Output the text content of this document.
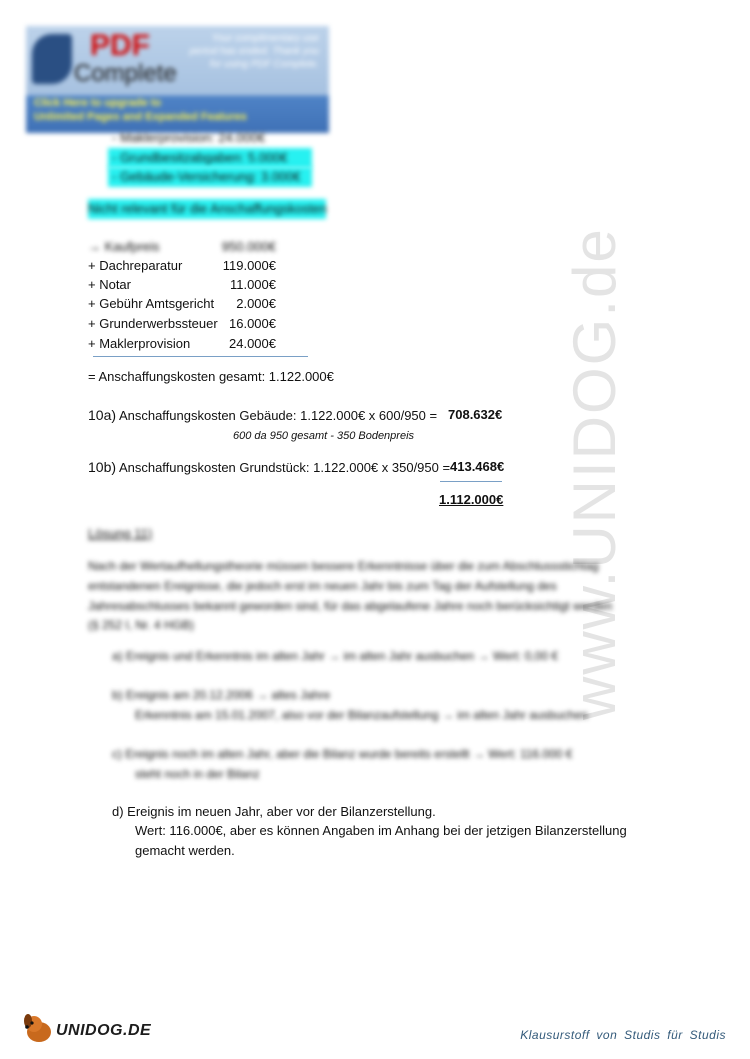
www.UNIDOG.de
PDF
Complete
Your complimentary use period has ended. Thank you for using PDF Complete.
Click Here to upgrade to
Unlimited Pages and Expanded Features
- Maklerprovision: 24.000€
- Grundbesitzabgaben: 5.000€
- Gebäude-Versicherung: 3.000€
Nicht relevant für die Anschaffungskosten
→ Kaufpreis	950.000€
+ Dachreparatur	119.000€
+ Notar	11.000€
+ Gebühr Amtsgericht 2.000€
+ Grunderwerbssteuer 16.000€
+ Maklerprovision	24.000€
= Anschaffungskosten gesamt: 1.122.000€
10a) Anschaffungskosten Gebäude: 1.122.000€ x 600/950 = 708.632€
600 da 950 gesamt - 350 Bodenpreis
10b) Anschaffungskosten Grundstück: 1.122.000€ x 350/950 = 413.468€
1.112.000€
Lösung 11)
Nach der Wertaufhellungstheorie müssen bessere Erkenntnisse über die zum Abschlussstichtag
entstandenen Ereignisse, die jedoch erst im neuen Jahr bis zum Tag der Aufstellung des
Jahresabschlusses bekannt geworden sind, für das abgelaufene Jahre noch berücksichtigt werden
(§ 252 I, Nr. 4 HGB)
a) Ereignis und Erkenntnis im alten Jahr → im alten Jahr ausbuchen → Wert: 0,00 €
b) Ereignis am 20.12.2006 → altes Jahre
Erkenntnis am 15.01.2007, also vor der Bilanzaufstellung → im alten Jahr ausbuchen
c) Ereignis noch im alten Jahr, aber die Bilanz wurde bereits erstellt → Wert: 116.000 €
steht noch in der Bilanz
d) Ereignis im neuen Jahr, aber vor der Bilanzerstellung.
Wert: 116.000€, aber es können Angaben im Anhang bei der jetzigen Bilanzerstellung
gemacht werden.
UNIDOG.DE	Klausurstoff von Studis für Studis
